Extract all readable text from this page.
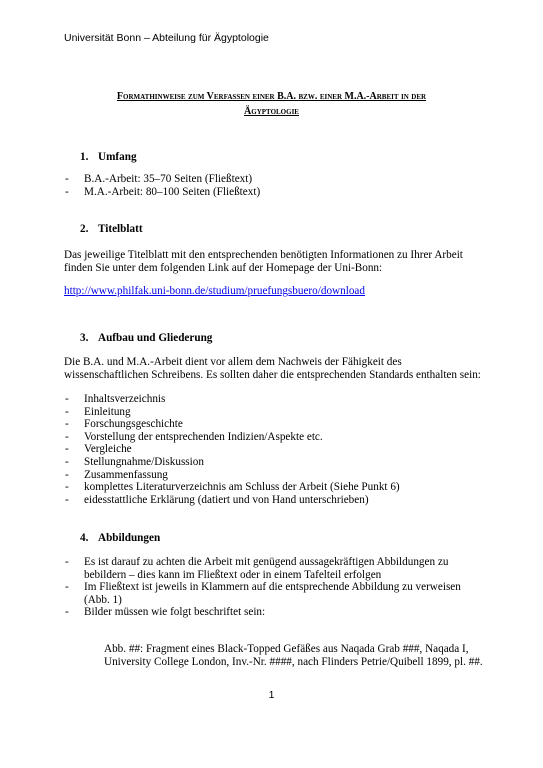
Universität Bonn – Abteilung für Ägyptologie
Formathinweise zum Verfassen einer B.A. bzw. einer M.A.-Arbeit in der
Ägyptologie
1. Umfang
- B.A.-Arbeit: 35–70 Seiten (Fließtext)
- M.A.-Arbeit: 80–100 Seiten (Fließtext)
2. Titelblatt
Das jeweilige Titelblatt mit den entsprechenden benötigten Informationen zu Ihrer Arbeit
finden Sie unter dem folgenden Link auf der Homepage der Uni-Bonn:
http://www.philfak.uni-bonn.de/studium/pruefungsbuero/download
3. Aufbau und Gliederung
Die B.A. und M.A.-Arbeit dient vor allem dem Nachweis der Fähigkeit des
wissenschaftlichen Schreibens. Es sollten daher die entsprechenden Standards enthalten sein:
- Inhaltsverzeichnis
- Einleitung
- Forschungsgeschichte
- Vorstellung der entsprechenden Indizien/Aspekte etc.
- Vergleiche
- Stellungnahme/Diskussion
- Zusammenfassung
- komplettes Literaturverzeichnis am Schluss der Arbeit (Siehe Punkt 6)
- eidesstattliche Erklärung (datiert und von Hand unterschrieben)
4. Abbildungen
- Es ist darauf zu achten die Arbeit mit genügend aussagekräftigen Abbildungen zu
bebildern – dies kann im Fließtext oder in einem Tafelteil erfolgen
- Im Fließtext ist jeweils in Klammern auf die entsprechende Abbildung zu verweisen
(Abb. 1)
- Bilder müssen wie folgt beschriftet sein:
Abb. ##: Fragment eines Black-Topped Gefäßes aus Naqada Grab ###, Naqada I,
University College London, Inv.-Nr. ####, nach Flinders Petrie/Quibell 1899, pl. ##.
1
